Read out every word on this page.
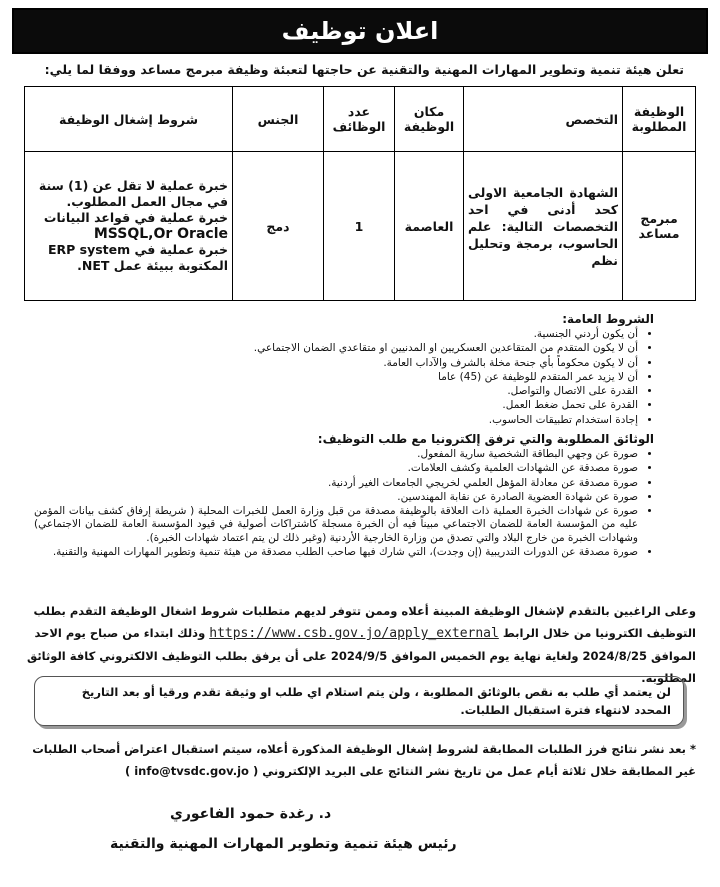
اعلان توظيف
تعلن هيئة تنمية وتطوير المهارات المهنية والتقنية عن حاجتها لتعبئة وظيفة مبرمج مساعد ووفقا لما يلي:
الوظيفة المطلوبة	التخصص	مكان الوظيفة	عدد الوظائف	الجنس	شروط إشغال الوظيفة
مبرمج مساعد	الشهادة الجامعية الاولى كحد أدنى في احد التخصصات التالية: علم الحاسوب، برمجة وتحليل نظم	العاصمة	1	دمج	خبرة عملية لا تقل عن (1) سنة في مجال العمل المطلوب.
خبرة عملية في قواعد البيانات
MSSQL,Or Oracle
خبرة عملية في ERP system المكتوبة ببيئة عمل NET.
الشروط العامة:
• أن يكون أردني الجنسية.
• أن لا يكون المتقدم من المتقاعدين العسكريين او المدنيين او متقاعدي الضمان الاجتماعي.
• أن لا يكون محكوماً بأي جنحة مخلة بالشرف والآداب العامة.
• أن لا يزيد عمر المتقدم للوظيفة عن (45) عاما
• القدرة على الاتصال والتواصل.
• القدرة على تحمل ضغط العمل.
• إجادة استخدام تطبيقات الحاسوب.
الوثائق المطلوبة والتي ترفق إلكترونيا مع طلب التوظيف:
• صورة عن وجهي البطاقة الشخصية سارية المفعول.
• صورة مصدقة عن الشهادات العلمية وكشف العلامات.
• صورة مصدقة عن معادلة المؤهل العلمي لخريجي الجامعات الغير أردنية.
• صورة عن شهادة العضوية الصادرة عن نقابة المهندسين.
• صورة عن شهادات الخبرة العملية ذات العلاقة بالوظيفة مصدقة من قبل وزارة العمل للخبرات المحلية ( شريطة إرفاق كشف بيانات المؤمن عليه من المؤسسة العامة للضمان الاجتماعي مبيناً فيه أن الخبرة مسجلة كاشتراكات أصولية في قيود المؤسسة العامة للضمان الاجتماعي) وشهادات الخبرة من خارج البلاد والتي تصدق من وزارة الخارجية الأردنية (وغير ذلك لن يتم اعتماد شهادات الخبرة).
• صورة مصدقة عن الدورات التدريبية (إن وجدت)، التي شارك فيها صاحب الطلب مصدقة من هيئة تنمية وتطوير المهارات المهنية والتقنية.
وعلى الراغبين بالتقدم لإشغال الوظيفة المبينة أعلاه وممن تتوفر لديهم متطلبات شروط اشغال الوظيفة التقدم بطلب التوظيف الكترونيا من خلال الرابط https://www.csb.gov.jo/apply_external وذلك ابتداء من صباح يوم الاحد الموافق 2024/8/25 ولغاية نهاية يوم الخميس الموافق 2024/9/5 على أن يرفق بطلب التوظيف الالكتروني كافة الوثائق المطلوبة.
لن يعتمد أي طلب به نقص بالوثائق المطلوبة ، ولن يتم استلام اي طلب او وثيقة تقدم ورقيا أو بعد التاريخ المحدد لانتهاء فترة استقبال الطلبات.
* بعد نشر نتائج فرز الطلبات المطابقة لشروط إشغال الوظيفة المذكورة أعلاه، سيتم استقبال اعتراض أصحاب الطلبات غير المطابقة خلال ثلاثة أيام عمل من تاريخ نشر النتائج على البريد الإلكتروني ( info@tvsdc.gov.jo )
د. رغدة حمود الفاعوري
رئيس هيئة تنمية وتطوير المهارات المهنية والتقنية
